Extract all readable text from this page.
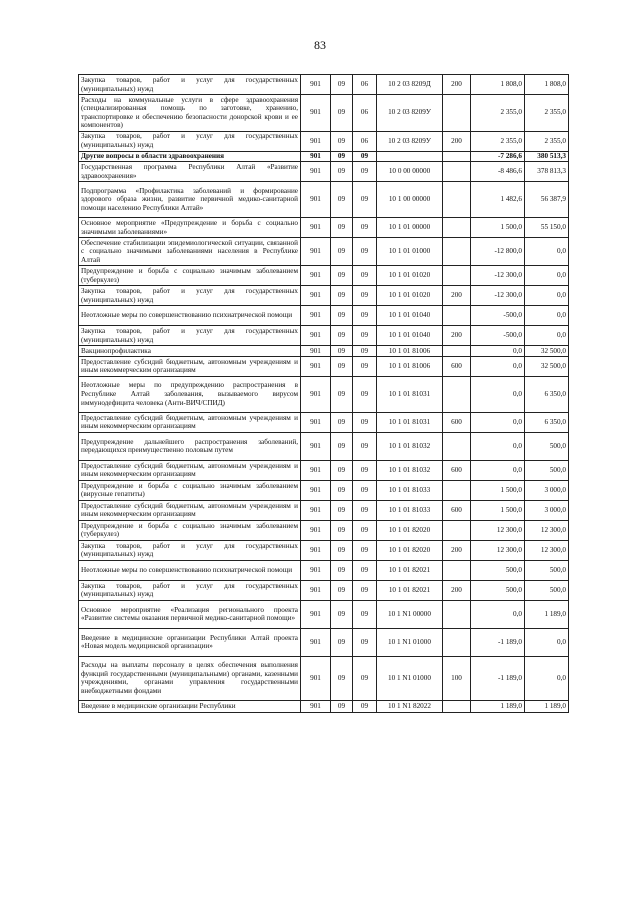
83
Закупка товаров, работ и услуг для государственных (муниципальных) нужд	901	09	06	10 2 03 8209Д	200	1 808,0	1 808,0
Расходы на коммунальные услуги в сфере здравоохранения (специализированная помощь по заготовке, хранению, транспортировке и обеспечению безопасности донорской крови и ее компонентов)	901	09	06	10 2 03 8209У		2 355,0	2 355,0
Закупка товаров, работ и услуг для государственных (муниципальных) нужд	901	09	06	10 2 03 8209У	200	2 355,0	2 355,0
Другие вопросы в области здравоохранения	901	09	09			-7 286,6	380 513,3
Государственная программа Республики Алтай «Развитие здравоохранения»	901	09	09	10 0 00 00000		-8 486,6	378 813,3
Подпрограмма «Профилактика заболеваний и формирование здорового образа жизни, развитие первичной медико-санитарной помощи населению Республики Алтай»	901	09	09	10 1 00 00000		1 482,6	56 387,9
Основное мероприятие «Предупреждение и борьба с социально значимыми заболеваниями»	901	09	09	10 1 01 00000		1 500,0	55 150,0
Обеспечение стабилизации эпидемиологической ситуации, связанной с социально значимыми заболеваниями населения в Республике Алтай	901	09	09	10 1 01 01000		-12 800,0	0,0
Предупреждение и борьба с социально значимым заболеванием (туберкулез)	901	09	09	10 1 01 01020		-12 300,0	0,0
Закупка товаров, работ и услуг для государственных (муниципальных) нужд	901	09	09	10 1 01 01020	200	-12 300,0	0,0
Неотложные меры по совершенствованию психиатрической помощи	901	09	09	10 1 01 01040		-500,0	0,0
Закупка товаров, работ и услуг для государственных (муниципальных) нужд	901	09	09	10 1 01 01040	200	-500,0	0,0
Вакцинопрофилактика	901	09	09	10 1 01 81006		0,0	32 500,0
Предоставление субсидий бюджетным, автономным учреждениям и иным некоммерческим организациям	901	09	09	10 1 01 81006	600	0,0	32 500,0
Неотложные меры по предупреждению распространения в Республике Алтай заболевания, вызываемого вирусом иммунодефицита человека (Анти-ВИЧ/СПИД)	901	09	09	10 1 01 81031		0,0	6 350,0
Предоставление субсидий бюджетным, автономным учреждениям и иным некоммерческим организациям	901	09	09	10 1 01 81031	600	0,0	6 350,0
Предупреждение дальнейшего распространения заболеваний, передающихся преимущественно половым путем	901	09	09	10 1 01 81032		0,0	500,0
Предоставление субсидий бюджетным, автономным учреждениям и иным некоммерческим организациям	901	09	09	10 1 01 81032	600	0,0	500,0
Предупреждение и борьба с социально значимым заболеванием (вирусные гепатиты)	901	09	09	10 1 01 81033		1 500,0	3 000,0
Предоставление субсидий бюджетным, автономным учреждениям и иным некоммерческим организациям	901	09	09	10 1 01 81033	600	1 500,0	3 000,0
Предупреждение и борьба с социально значимым заболеванием (туберкулез)	901	09	09	10 1 01 82020		12 300,0	12 300,0
Закупка товаров, работ и услуг для государственных (муниципальных) нужд	901	09	09	10 1 01 82020	200	12 300,0	12 300,0
Неотложные меры по совершенствованию психиатрической помощи	901	09	09	10 1 01 82021		500,0	500,0
Закупка товаров, работ и услуг для государственных (муниципальных) нужд	901	09	09	10 1 01 82021	200	500,0	500,0
Основное мероприятие «Реализация регионального проекта «Развитие системы оказания первичной медико-санитарной помощи»	901	09	09	10 1 N1 00000		0,0	1 189,0
Введение в медицинские организации Республики Алтай проекта «Новая модель медицинской организации»	901	09	09	10 1 N1 01000		-1 189,0	0,0
Расходы на выплаты персоналу в целях обеспечения выполнения функций государственными (муниципальными) органами, казенными учреждениями, органами управления государственными внебюджетными фондами	901	09	09	10 1 N1 01000	100	-1 189,0	0,0
Введение в медицинские организации Республики	901	09	09	10 1 N1 82022		1 189,0	1 189,0
